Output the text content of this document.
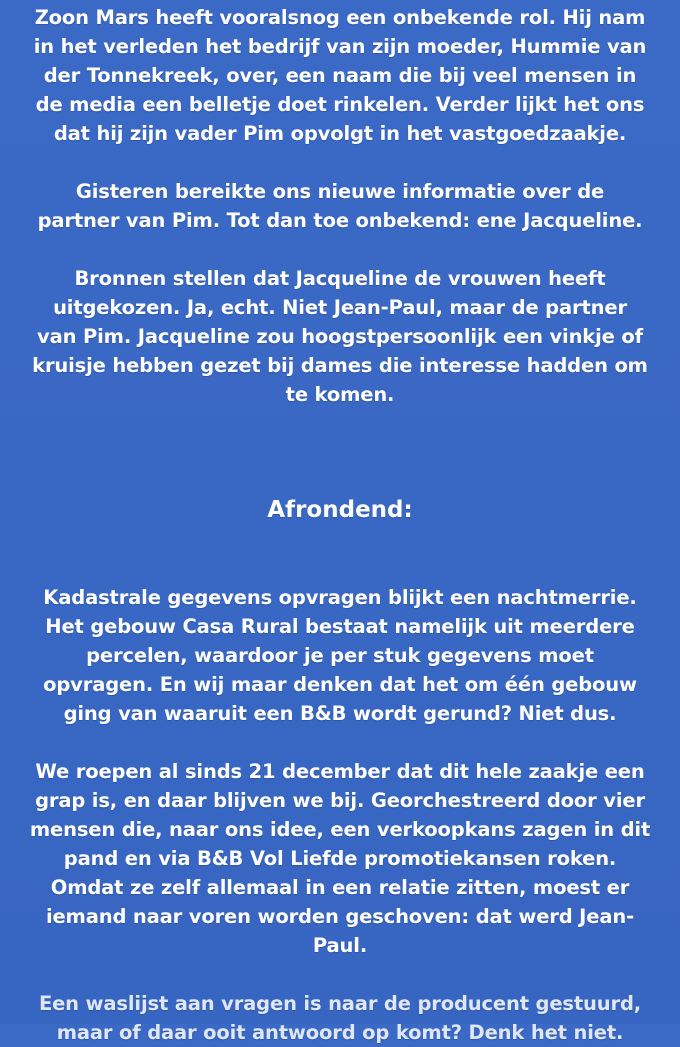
Zoon Mars heeft vooralsnog een onbekende rol. Hij nam
in het verleden het bedrijf van zijn moeder, Hummie van
der Tonnekreek, over, een naam die bij veel mensen in
de media een belletje doet rinkelen. Verder lijkt het ons
dat hij zijn vader Pim opvolgt in het vastgoedzaakje.

Gisteren bereikte ons nieuwe informatie over de
partner van Pim. Tot dan toe onbekend: ene Jacqueline.

Bronnen stellen dat Jacqueline de vrouwen heeft
uitgekozen. Ja, echt. Niet Jean-Paul, maar de partner
van Pim. Jacqueline zou hoogstpersoonlijk een vinkje of
kruisje hebben gezet bij dames die interesse hadden om
te komen.

Afrondend:

Kadastrale gegevens opvragen blijkt een nachtmerrie.
Het gebouw Casa Rural bestaat namelijk uit meerdere
percelen, waardoor je per stuk gegevens moet
opvragen. En wij maar denken dat het om één gebouw
ging van waaruit een B&B wordt gerund? Niet dus.

We roepen al sinds 21 december dat dit hele zaakje een
grap is, en daar blijven we bij. Georchestreerd door vier
mensen die, naar ons idee, een verkoopkans zagen in dit
pand en via B&B Vol Liefde promotiekansen roken.
Omdat ze zelf allemaal in een relatie zitten, moest er
iemand naar voren worden geschoven: dat werd Jean-
Paul.

Een waslijst aan vragen is naar de producent gestuurd,
maar of daar ooit antwoord op komt? Denk het niet.
